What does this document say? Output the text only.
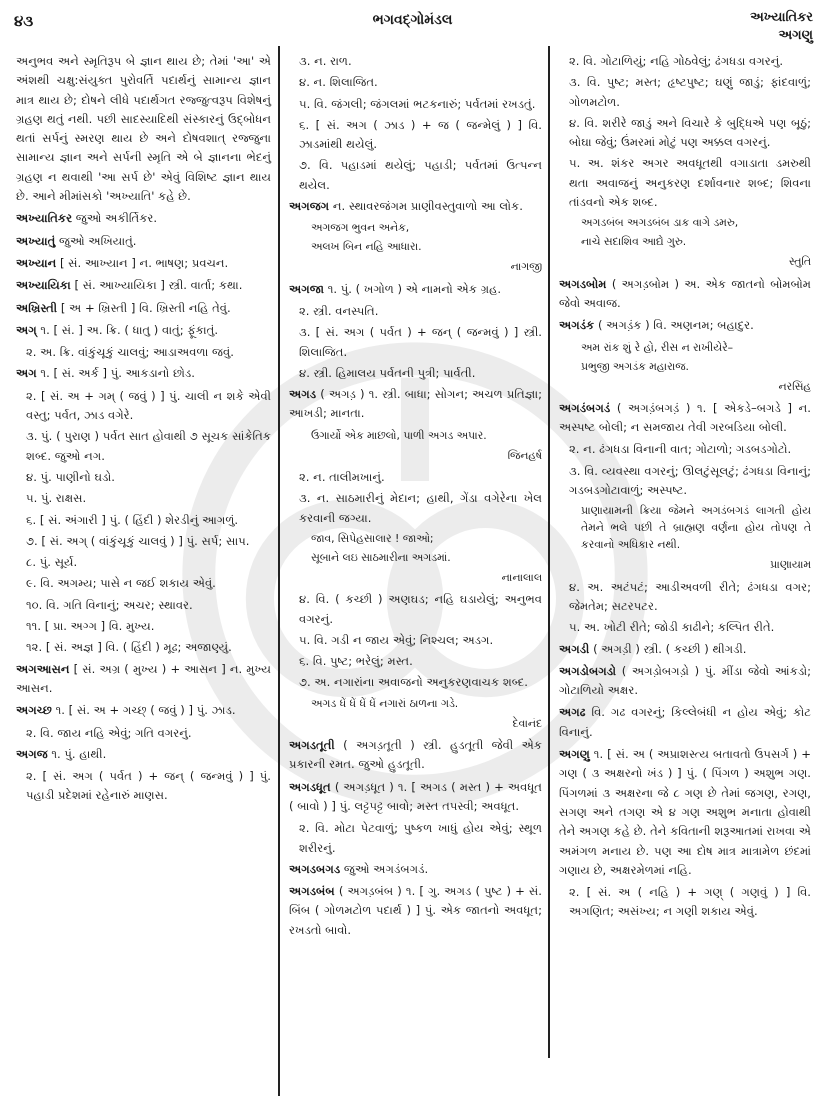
૪૩	ભગવદ્ગોમંડલ	અખ્યાતિકર
અગણુ

અનુભવ અને સ્મૃતિરૂપ બે જ્ઞાન થાય છે; તેમાં 'આ' એ અંશથી ચક્ષુ:સંયુક્ત પુરોવર્તિ પદાર્થનું સામાન્ય જ્ઞાન માત્ર થાય છે; દોષને લીધે પદાર્થગત રજ્જુત્વરૂપ વિશેષનું ગ્રહણ થતું નથી. પછી સાદસ્યાદિથી સંસ્કારનું ઉદ્બોધન થતાં સર્પનું સ્મરણ થાય છે અને દોષવશાત્ રજ્જુના સામાન્ય જ્ઞાન અને સર્પની સ્મૃતિ એ બે જ્ઞાનના ભેદનું ગ્રહણ ન થવાથી 'આ સર્પ છે' એવું વિશિષ્ટ જ્ઞાન થાય છે. આને મીમાંસકો 'અખ્યાતિ' કહે છે.

અખ્યાતિકર જુઓ અકીર્તિકર.

અખ્યાતું જુઓ અખિયાતું.

અખ્યાન [ સં. આખ્યાન ] ન. ભાષણ; પ્રવચન.

અખ્યાયિકા [ સં. આખ્યાયિકા ] સ્ત્રી. વાર્તા; કથા.

અખ્રિસ્તી [ અ + ખ્રિસ્તી ] વિ. ખ્રિસ્તી નહિ તેવું.

અગ્ ૧. [ સં. ] અ. ક્રિ. ( ધાતુ ) વાતું; ફૂંકાતું.

૨. અ. ક્રિ. વાંકુંચૂકું ચાલવું; આડાઅવળા જવું.

અગ ૧. [ સં. અર્ક ] પું. આકડાનો છોડ.

૨. [ સં. અ + ગમ્ ( જવું ) ] પું. ચાલી ન શકે એવી વસ્તુ; પર્વત, ઝાડ વગેરે.

૩. પું. ( પુરાણ ) પર્વત સાત હોવાથી ૭ સૂચક સાંકેતિક શબ્દ. જુઓ નગ.

૪. પું. પાણીનો ઘડો.

૫. પું. રાક્ષસ.

૬. [ સં. અંગારી ] પું. ( હિંદી ) શેરડીનું આગળું.

૭. [ સં. અગ્ ( વાંકુંચૂકું ચાલવું ) ] પું. સર્પ; સાપ.

૮. પું. સૂર્ય.

૯. વિ. અગમ્ય; પાસે ન જઈ શકાય એવું.

૧૦. વિ. ગતિ વિનાનું; અચર; સ્થાવર.

૧૧. [ પ્રા. અગ્ગ ] વિ. મુખ્ય.

૧૨. [ સં. અજ્ઞ ] વિ. ( હિંદી ) મૂઢ; અજાણ્યું.

અગઆસન [ સં. અગ્ર ( મુખ્ય ) + આસન ] ન. મુખ્ય આસન.

અગચ્છ ૧. [ સં. અ + ગચ્છ્ ( જવું ) ] પું. ઝાડ.

૨. વિ. જાય નહિ એવું; ગતિ વગરનું.

અગજ ૧. પું. હાથી.

૨. [ સં. અગ ( પર્વત ) + જન્ ( જન્મવું ) ] પું. પહાડી પ્રદેશમાં રહેનારું માણસ.

૩. ન. રાળ.

૪. ન. શિલાજિત.

૫. વિ. જંગલી; જંગલમાં ભટકનારું; પર્વતમાં રખડતું.

૬. [ સં. અગ ( ઝાડ ) + જ ( જન્મેલું ) ] વિ. ઝાડમાંથી થયેલું.

૭. વિ. પહાડમાં થયેલું; પહાડી; પર્વતમાં ઉત્પન્ન થયેલ.

અગજગ ન. સ્થાવરજંગમ પ્રાણીવસ્તુવાળો આ લોક.

અગજગ ભુવન અનેક,
અલખ બિન નહિ આધારા.
નાગજી

અગજા ૧. પું. ( ખગોળ ) એ નામનો એક ગ્રહ.

૨. સ્ત્રી. વનસ્પતિ.

૩. [ સં. અગ ( પર્વત ) + જન્ ( જન્મવું ) ] સ્ત્રી. શિલાજિત.

૪. સ્ત્રી. હિમાલય પર્વતની પુત્રી; પાર્વતી.

અગડ ( અગડ઼ ) ૧. સ્ત્રી. બાધા; સોગન; અચળ પ્રતિજ્ઞા; આખડી; માનતા.

ઉગાર્યો એક માછલો, પાળી અગડ અપાર.
જિનહર્ષ

૨. ન. તાલીમખાનું.

૩. ન. સાઠમારીનું મેદાન; હાથી, ગેંડા વગેરેના ખેલ કરવાની જગ્યા.

જાવ, સિપેહસાલાર ! જાઓ;
સૂબાને લઇ સાઠમારીના અગડમાં.
નાનાલાલ

૪. વિ. ( કચ્છી ) અણઘડ; નહિ ઘડાયેલું; અનુભવ વગરનું.

૫. વિ. ગડી ન જાય એવું; નિશ્ચલ; અડગ.

૬. વિ. પુષ્ટ; ભરેલું; મસ્ત.

૭. અ. નગારાંના અવાજનો અનુકરણવાચક શબ્દ.

અગડ ધેં ધેં ધેં ધેં નગારાં ઠાળના ગડે.
દેવાનંદ

અગડતૂતી ( અગડ઼તૂતી ) સ્ત્રી. હુડતૂતી જેવી એક પ્રકારની રમત. જુઓ હુડતૂતી.

અગડધૂત ( અગડ઼ધૂત ) ૧. [ અગડ ( મસ્ત ) + અવધૂત ( બાવો ) ] પું. લટ્ટપટ્ટ બાવો; મસ્ત તપસ્વી; અવધૂત.

૨. વિ. મોટા પેટવાળું; પુષ્કળ ખાધું હોય એવું; સ્થૂળ શરીરનું.

અગડબગડ જુઓ અગડંબગડં.

અગડબંબ ( અગડ઼બંબ ) ૧. [ ગુ. અગડ ( પુષ્ટ ) + સં. બિંબ ( ગોળમટોળ પદાર્થ ) ] પું. એક જાતનો અવધૂત; રખડતો બાવો.

૨. વિ. ગોટાળિયું; નહિ ગોઠવેલું; ઢંગધડા વગરનું.

૩. વિ. પુષ્ટ; મસ્ત; હૃષ્ટપુષ્ટ; ઘણું જાડું; ફાંદવાળું; ગોળમટોળ.

૪. વિ. શરીરે જાડું અને વિચારે કે બુદ્ધિએ પણ બૂઠું; બોઘા જેવું; ઉંમરમાં મોટું પણ અક્કલ વગરનું.

૫. અ. શંકર અગર અવધૂતથી વગાડાતા ડમરુથી થતા અવાજનું અનુકરણ દર્શાવનાર શબ્દ; શિવના તાંડવનો એક શબ્દ.

અગડબંબ અગડબંબ ડાક વાગે ડમરુ,
નાચે સદાશિવ આદ્યે ગુરુ.
સ્તુતિ

અગડબોમ ( અગડ઼બોમ ) અ. એક જાતનો બોમબોમ જેવો અવાજ.

અગડંક ( અગડ઼ંક ) વિ. અણનમ; બહાદુર.

અમ રાંક શું રે હો, રીસ ન રાખીયેરે–
પ્રભુજી અગડંક મહારાજ.
નરસિંહ

અગડંબગડં ( અગડ઼ંબગડ઼ં ) ૧. [ એકડે–બગડે ] ન. અસ્પષ્ટ બોલી; ન સમજાય તેવી ગરબડિયા બોલી.

૨. ન. ઢંગધડા વિનાની વાત; ગોટાળો; ગડબડગોટો.

૩. વિ. વ્યવસ્થા વગરનું; ઊલટુંસૂલટું; ઢંગધડા વિનાનું; ગડબડગોટાવાળું; અસ્પષ્ટ.

પ્રાણાયામની ક્રિયા જેમને અગડંબગડં લાગતી હોય તેમને ભલે પછી તે બ્રાહ્મણ વર્ણના હોય તોપણ તે કરવાનો અધિકાર નથી.
પ્રાણાયામ

૪. અ. અટંપટં; આડીઅવળી રીતે; ઢંગધડા વગર; જેમતેમ; સટરપટર.

૫. અ. ખોટી રીતે; જોડી કાઢીને; કલ્પિત રીતે.

અગડી ( અગડ઼ી ) સ્ત્રી. ( કચ્છી ) થીગડી.

અગડોબગડો ( અગડ઼ોબગડ઼ો ) પું. મીંડા જેવો આંકડો; ગોટાળિયો અક્ષર.

અગઢ વિ. ગઢ વગરનું; કિલ્લેબંધી ન હોય એવું; કોટ વિનાનું.

અગણુ ૧. [ સં. અ ( અપ્રાશસ્ત્ય બતાવતો ઉપસર્ગ ) + ગણ ( ૩ અક્ષરનો ખંડ ) ] પું. ( પિંગળ ) અશુભ ગણ. પિંગળમાં ૩ અક્ષરના જે ૮ ગણ છે તેમાં જગણ, રગણ, સગણ અને તગણ એ ૪ ગણ અશુભ મનાતા હોવાથી તેને અગણ કહે છે. તેને કવિતાની શરૂઆતમાં રાખવા એ અમંગળ મનાય છે. પણ આ દોષ માત્ર માત્રામેળ છંદમાં ગણાય છે, અક્ષરમેળમાં નહિ.

૨. [ સં. અ ( નહિ ) + ગણ્ ( ગણવું ) ] વિ. અગણિત; અસંખ્ય; ન ગણી શકાય એવું.
